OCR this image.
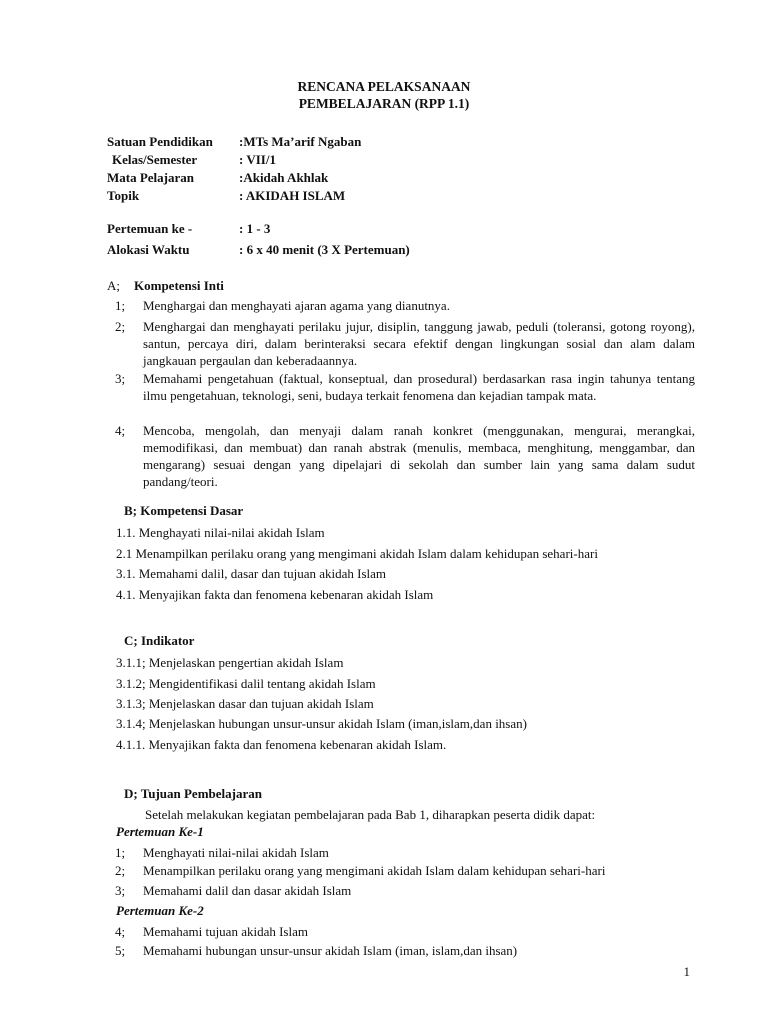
RENCANA PELAKSANAAN
PEMBELAJARAN (RPP 1.1)
Satuan Pendidikan :MTs Ma’arif Ngaban
Kelas/Semester	: VII/1
Mata Pelajaran	:Akidah Akhlak
Topik	: AKIDAH ISLAM
Pertemuan ke -	: 1 - 3
Alokasi Waktu	: 6 x 40 menit (3 X Pertemuan)
A; Kompetensi Inti
1; Menghargai dan menghayati ajaran agama yang dianutnya.
2; Menghargai dan menghayati perilaku jujur, disiplin, tanggung jawab, peduli (toleransi, gotong royong), santun, percaya diri, dalam berinteraksi secara efektif dengan lingkungan sosial dan alam dalam jangkauan pergaulan dan keberadaannya.
3; Memahami pengetahuan (faktual, konseptual, dan prosedural) berdasarkan rasa ingin tahunya tentang ilmu pengetahuan, teknologi, seni, budaya terkait fenomena dan kejadian tampak mata.
4; Mencoba, mengolah, dan menyaji dalam ranah konkret (menggunakan, mengurai, merangkai, memodifikasi, dan membuat) dan ranah abstrak (menulis, membaca, menghitung, menggambar, dan mengarang) sesuai dengan yang dipelajari di sekolah dan sumber lain yang sama dalam sudut pandang/teori.
B; Kompetensi Dasar
1.1. Menghayati nilai-nilai akidah Islam
2.1 Menampilkan perilaku orang yang mengimani akidah Islam dalam kehidupan sehari-hari
3.1. Memahami dalil, dasar dan tujuan akidah Islam
4.1. Menyajikan fakta dan fenomena kebenaran akidah Islam
C; Indikator
3.1.1; Menjelaskan pengertian akidah Islam
3.1.2; Mengidentifikasi dalil tentang akidah Islam
3.1.3; Menjelaskan dasar dan tujuan akidah Islam
3.1.4; Menjelaskan hubungan unsur-unsur akidah Islam (iman,islam,dan ihsan)
4.1.1. Menyajikan fakta dan fenomena kebenaran akidah Islam.
D; Tujuan Pembelajaran
Setelah melakukan kegiatan pembelajaran pada Bab 1, diharapkan peserta didik dapat:
Pertemuan Ke-1
1; Menghayati nilai-nilai akidah Islam
2; Menampilkan perilaku orang yang mengimani akidah Islam dalam kehidupan sehari-hari
3; Memahami dalil dan dasar akidah Islam
Pertemuan Ke-2
4; Memahami tujuan akidah Islam
5; Memahami hubungan unsur-unsur akidah Islam (iman, islam,dan ihsan)
1
